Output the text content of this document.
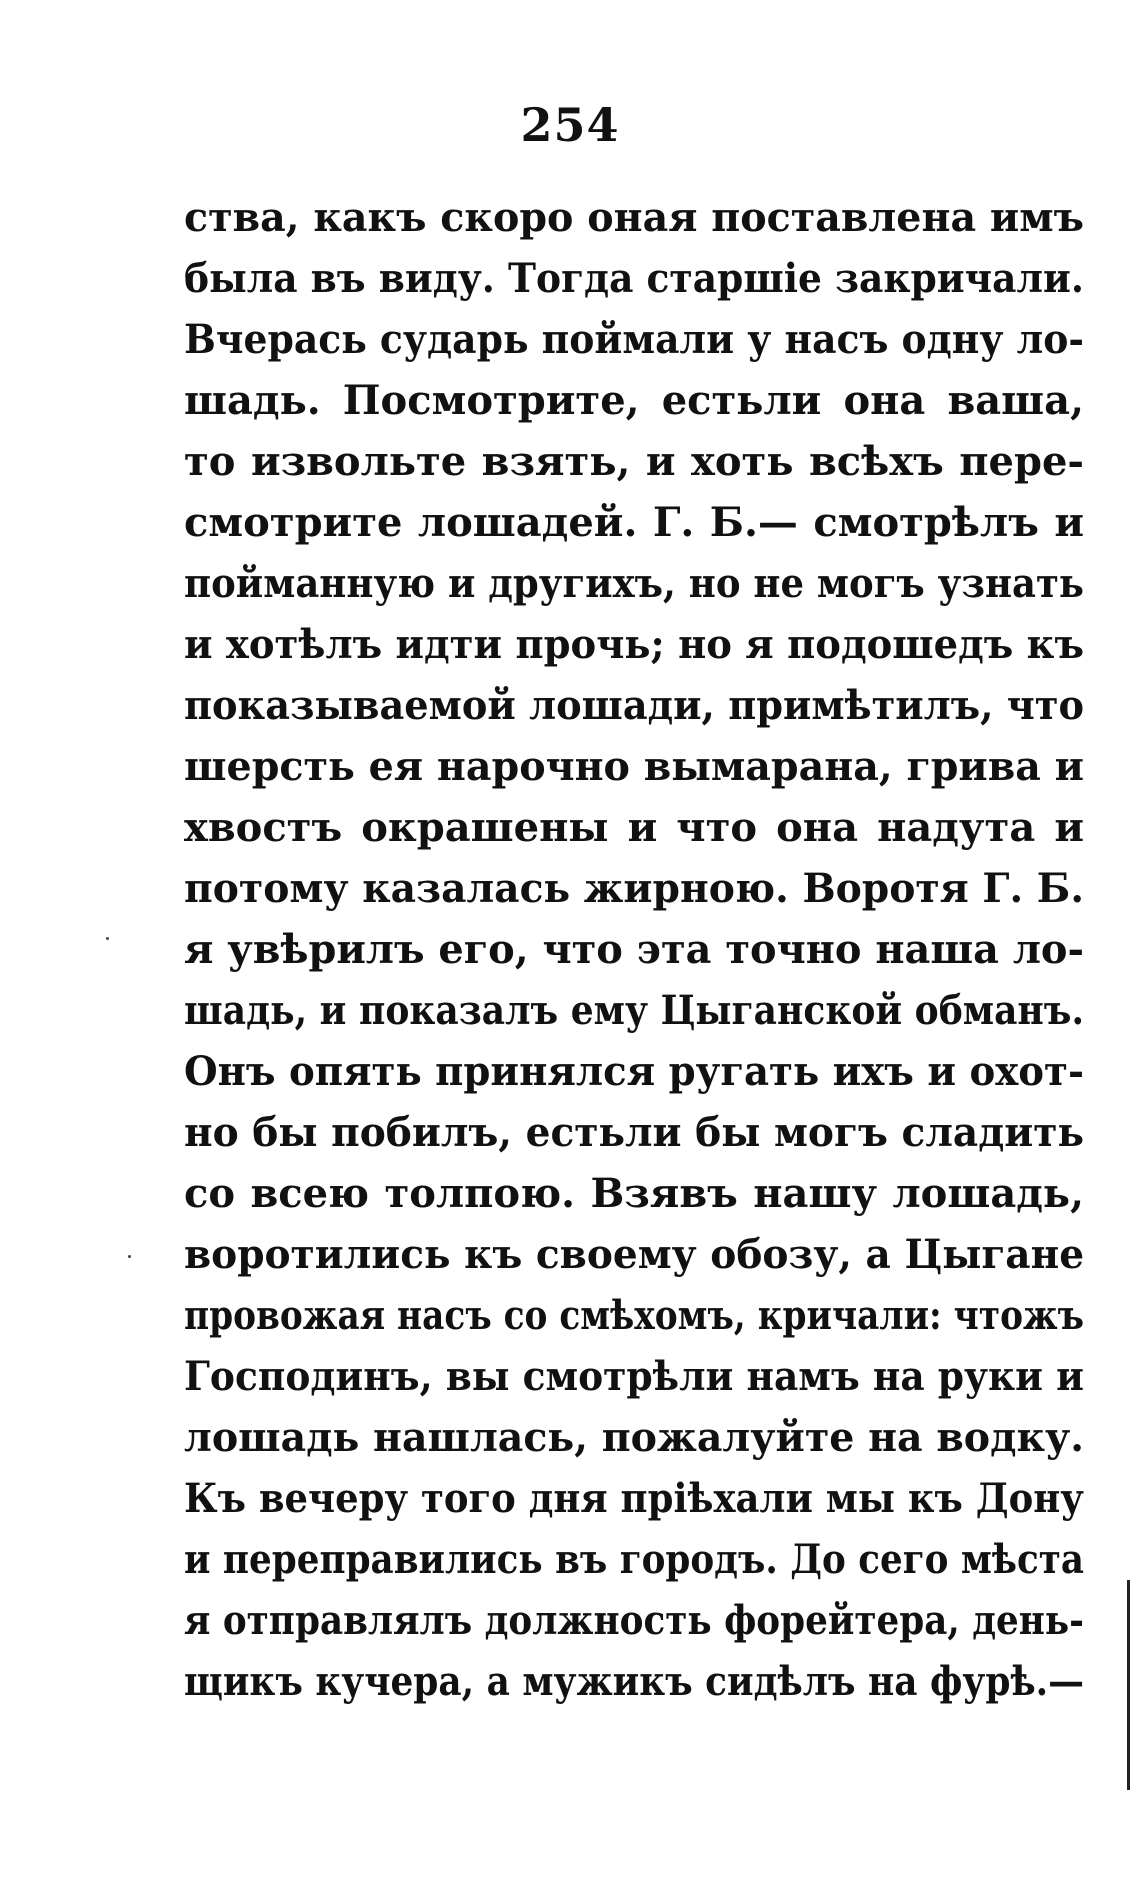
254
ства, какъ скоро оная поставлена имъ
была въ виду. Тогда старшіе закричали.
Вчерась сударь поймали у насъ одну ло-
шадь. Посмотрите, естьли она ваша,
то извольте взять, и хоть всѣхъ пере-
смотрите лошадей. Г. Б.— смотрѣлъ и
пойманную и другихъ, но не могъ узнать
и хотѣлъ идти прочь; но я подошедъ къ
показываемой лошади, примѣтилъ, что
шерсть ея нарочно вымарана, грива и
хвостъ окрашены и что она надута и
потому казалась жирною. Воротя Г. Б.
я увѣрилъ его, что эта точно наша ло-
шадь, и показалъ ему Цыганской обманъ.
Онъ опять принялся ругать ихъ и охот-
но бы побилъ, естьли бы могъ сладить
со всею толпою. Взявъ нашу лошадь,
воротились къ своему обозу, а Цыгане
провожая насъ со смѣхомъ, кричали: чтожъ
Господинъ, вы смотрѣли намъ на руки и
лошадь нашлась, пожалуйте на водку.
Къ вечеру того дня пріѣхали мы къ Дону
и переправились въ городъ. До сего мѣста
я отправлялъ должность форейтера, день-
щикъ кучера, а мужикъ сидѣлъ на фурѣ.—
